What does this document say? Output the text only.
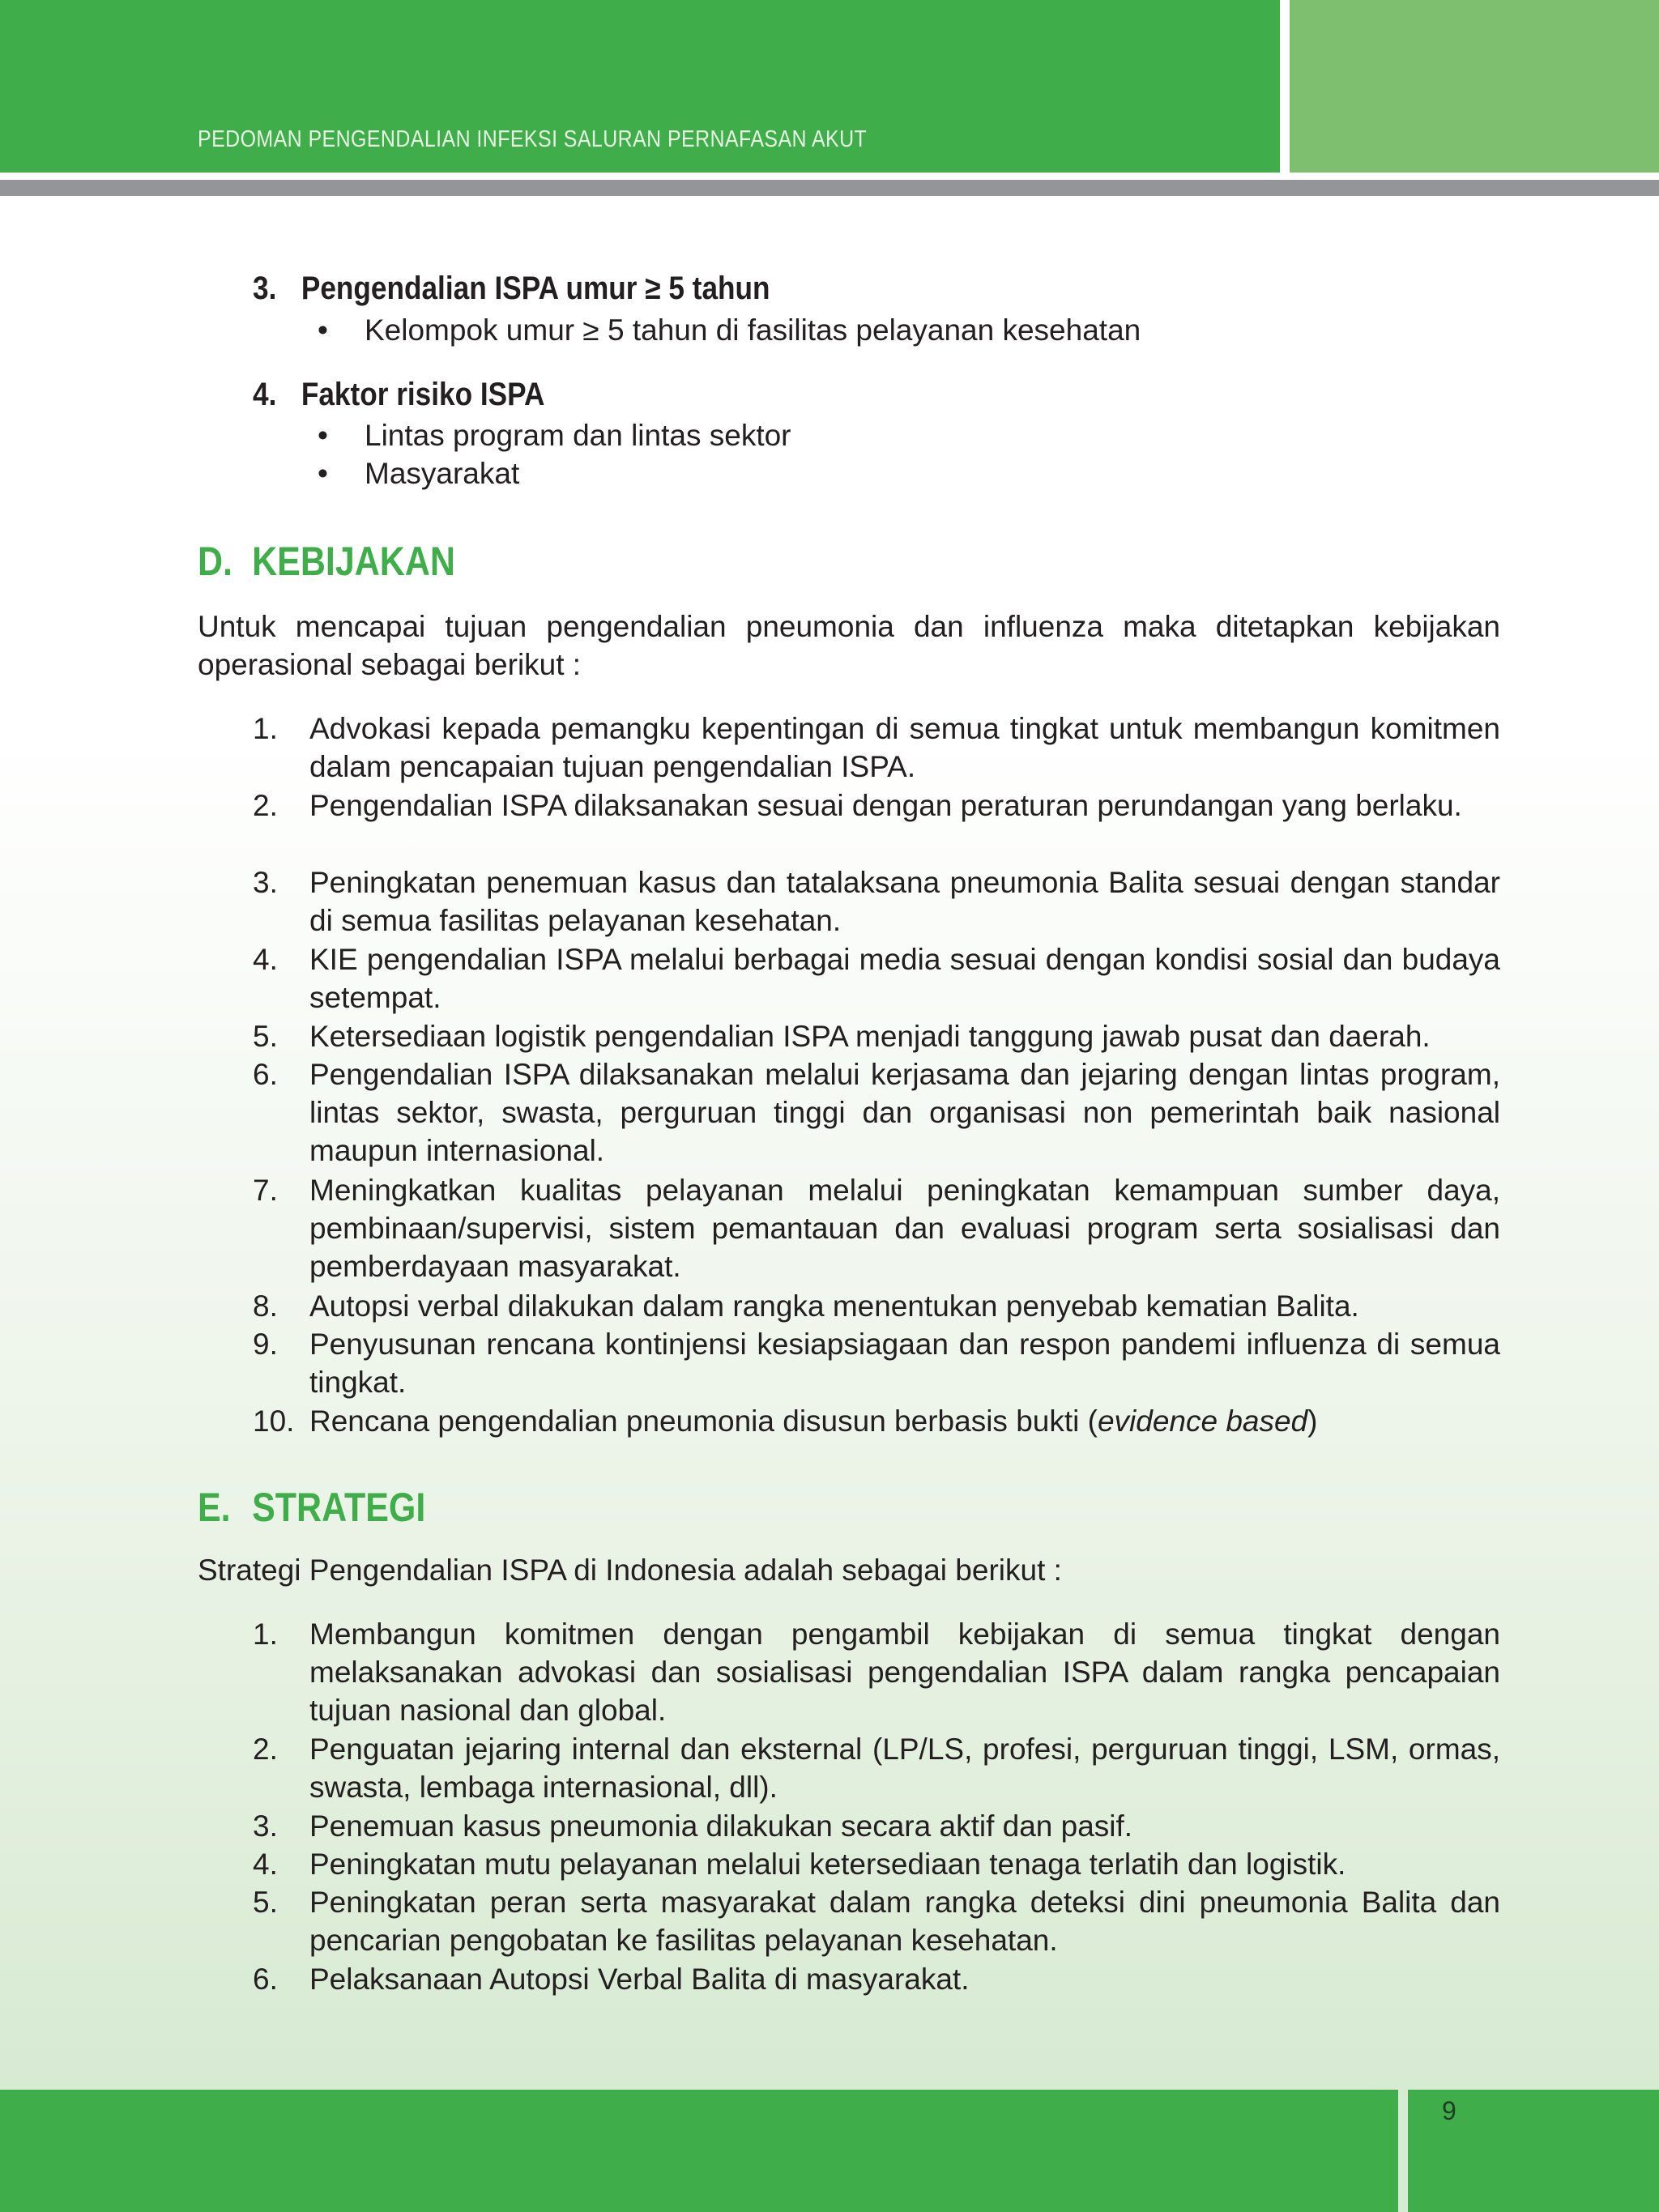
PEDOMAN PENGENDALIAN INFEKSI SALURAN PERNAFASAN AKUT
3. Pengendalian ISPA umur ≥ 5 tahun
• Kelompok umur ≥ 5 tahun di fasilitas pelayanan kesehatan
4. Faktor risiko ISPA
• Lintas program dan lintas sektor
• Masyarakat
D. KEBIJAKAN
Untuk mencapai tujuan pengendalian pneumonia dan influenza maka ditetapkan kebijakan operasional sebagai berikut :
1. Advokasi kepada pemangku kepentingan di semua tingkat untuk membangun komitmen dalam pencapaian tujuan pengendalian ISPA.
2. Pengendalian ISPA dilaksanakan sesuai dengan peraturan perundangan yang berlaku.
3. Peningkatan penemuan kasus dan tatalaksana pneumonia Balita sesuai dengan standar di semua fasilitas pelayanan kesehatan.
4. KIE pengendalian ISPA melalui berbagai media sesuai dengan kondisi sosial dan budaya setempat.
5. Ketersediaan logistik pengendalian ISPA menjadi tanggung jawab pusat dan daerah.
6. Pengendalian ISPA dilaksanakan melalui kerjasama dan jejaring dengan lintas program, lintas sektor, swasta, perguruan tinggi dan organisasi non pemerintah baik nasional maupun internasional.
7. Meningkatkan kualitas pelayanan melalui peningkatan kemampuan sumber daya, pembinaan/supervisi, sistem pemantauan dan evaluasi program serta sosialisasi dan pemberdayaan masyarakat.
8. Autopsi verbal dilakukan dalam rangka menentukan penyebab kematian Balita.
9. Penyusunan rencana kontinjensi kesiapsiagaan dan respon pandemi influenza di semua tingkat.
10. Rencana pengendalian pneumonia disusun berbasis bukti (evidence based)
E. STRATEGI
Strategi Pengendalian ISPA di Indonesia adalah sebagai berikut :
1. Membangun komitmen dengan pengambil kebijakan di semua tingkat dengan melaksanakan advokasi dan sosialisasi pengendalian ISPA dalam rangka pencapaian tujuan nasional dan global.
2. Penguatan jejaring internal dan eksternal (LP/LS, profesi, perguruan tinggi, LSM, ormas, swasta, lembaga internasional, dll).
3. Penemuan kasus pneumonia dilakukan secara aktif dan pasif.
4. Peningkatan mutu pelayanan melalui ketersediaan tenaga terlatih dan logistik.
5. Peningkatan peran serta masyarakat dalam rangka deteksi dini pneumonia Balita dan pencarian pengobatan ke fasilitas pelayanan kesehatan.
6. Pelaksanaan Autopsi Verbal Balita di masyarakat.
9
